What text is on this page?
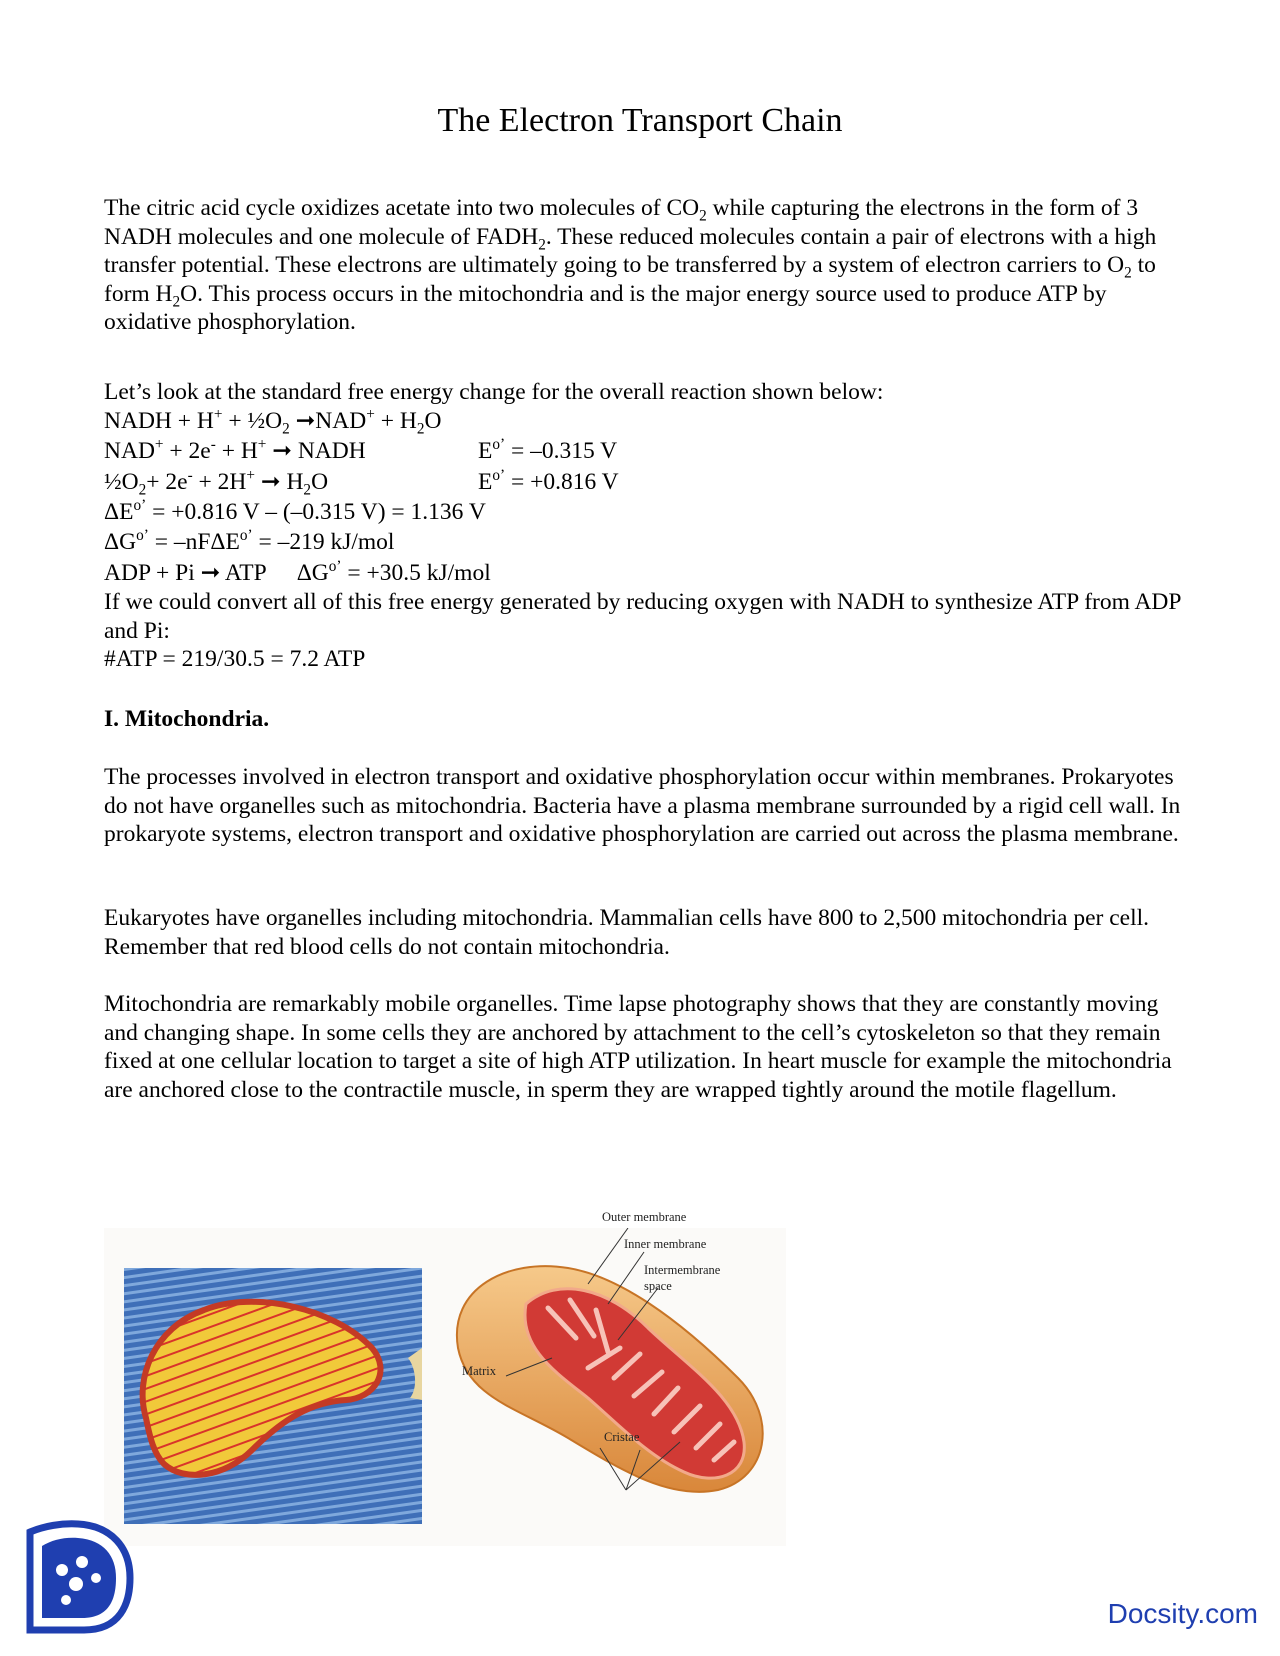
The Electron Transport Chain

The citric acid cycle oxidizes acetate into two molecules of $CO_2$ while capturing the electrons in the form of 3 NADH molecules and one molecule of $FADH_2$. These reduced molecules contain a pair of electrons with a high transfer potential. These electrons are ultimately going to be transferred by a system of electron carriers to $O_2$ to form $H_2O$. This process occurs in the mitochondria and is the major energy source used to produce ATP by oxidative phosphorylation.

Let’s look at the standard free energy change for the overall reaction shown below:

NADH + $H^+ + \frac{1}{2}O_2$ ➞NAD+ + $H_2O$
NAD+ + 2e- + H+ ➞ NADH	$E^{o’} = -0.315$ V
$\frac{1}{2}O_2+ 2e^- + 2H^+$ ➞ $H_2O$	$E^{o’} = +0.816$ V
$\Delta E^{o’} = +0.816$ V – (–0.315 V) = 1.136 V
$\Delta G^{o’} = -nF\Delta E^{o’} = -219$ kJ/mol
ADP + Pi ➞ ATP $\Delta G^{o’} = +30.5$ kJ/mol

If we could convert all of this free energy generated by reducing oxygen with NADH to synthesize ATP from ADP and Pi:

#ATP = 219/30.5 = 7.2 ATP
I. Mitochondria.

The processes involved in electron transport and oxidative phosphorylation occur within membranes. Prokaryotes do not have organelles such as mitochondria. Bacteria have a plasma membrane surrounded by a rigid cell wall. In prokaryote systems, electron transport and oxidative phosphorylation are carried out across the plasma membrane.

Eukaryotes have organelles including mitochondria. Mammalian cells have 800 to 2,500 mitochondria per cell. Remember that red blood cells do not contain mitochondria.

Mitochondria are remarkably mobile organelles. Time lapse photography shows that they are constantly moving and changing shape. In some cells they are anchored by attachment to the cell’s cytoskeleton so that they remain fixed at one cellular location to target a site of high ATP utilization. In heart muscle for example the mitochondria are anchored close to the contractile muscle, in sperm they are wrapped tightly around the motile flagellum.

Outer membrane
Inner membrane
Intermembrane
space
Matrix
Cristae
Docsity.com
